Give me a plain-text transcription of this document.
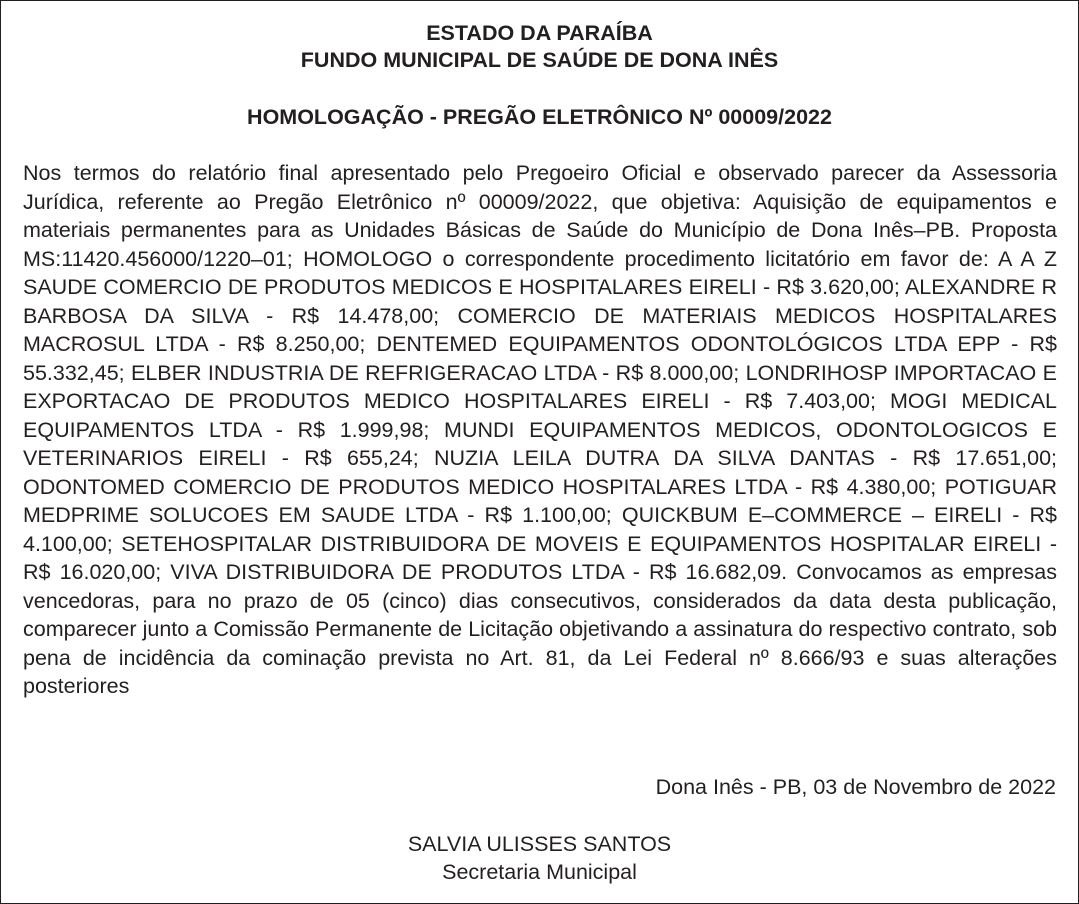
ESTADO DA PARAÍBA
FUNDO MUNICIPAL DE SAÚDE DE DONA INÊS
HOMOLOGAÇÃO - PREGÃO ELETRÔNICO Nº 00009/2022
Nos termos do relatório final apresentado pelo Pregoeiro Oficial e observado parecer da Assessoria Jurídica, referente ao Pregão Eletrônico nº 00009/2022, que objetiva: Aquisição de equipamentos e materiais permanentes para as Unidades Básicas de Saúde do Município de Dona Inês–PB. Proposta MS:11420.456000/1220–01; HOMOLOGO o correspondente procedimento licitatório em favor de: A A Z SAUDE COMERCIO DE PRODUTOS MEDICOS E HOSPITALARES EIRELI - R$ 3.620,00; ALEXANDRE R BARBOSA DA SILVA - R$ 14.478,00; COMERCIO DE MATERIAIS MEDICOS HOSPITALARES MACROSUL LTDA - R$ 8.250,00; DENTEMED EQUIPAMENTOS ODONTOLÓGICOS LTDA EPP - R$ 55.332,45; ELBER INDUSTRIA DE REFRIGERACAO LTDA - R$ 8.000,00; LONDRIHOSP IMPORTACAO E EXPORTACAO DE PRODUTOS MEDICO HOSPITALARES EIRELI - R$ 7.403,00; MOGI MEDICAL EQUIPAMENTOS LTDA - R$ 1.999,98; MUNDI EQUIPAMENTOS MEDICOS, ODONTOLOGICOS E VETERINARIOS EIRELI - R$ 655,24; NUZIA LEILA DUTRA DA SILVA DANTAS - R$ 17.651,00; ODONTOMED COMERCIO DE PRODUTOS MEDICO HOSPITALARES LTDA - R$ 4.380,00; POTIGUAR MEDPRIME SOLUCOES EM SAUDE LTDA - R$ 1.100,00; QUICKBUM E–COMMERCE – EIRELI - R$ 4.100,00; SETEHOSPITALAR DISTRIBUIDORA DE MOVEIS E EQUIPAMENTOS HOSPITALAR EIRELI - R$ 16.020,00; VIVA DISTRIBUIDORA DE PRODUTOS LTDA - R$ 16.682,09. Convocamos as empresas vencedoras, para no prazo de 05 (cinco) dias consecutivos, considerados da data desta publicação, comparecer junto a Comissão Permanente de Licitação objetivando a assinatura do respectivo contrato, sob pena de incidência da cominação prevista no Art. 81, da Lei Federal nº 8.666/93 e suas alterações posteriores
Dona Inês - PB, 03 de Novembro de 2022
SALVIA ULISSES SANTOS
Secretaria Municipal
